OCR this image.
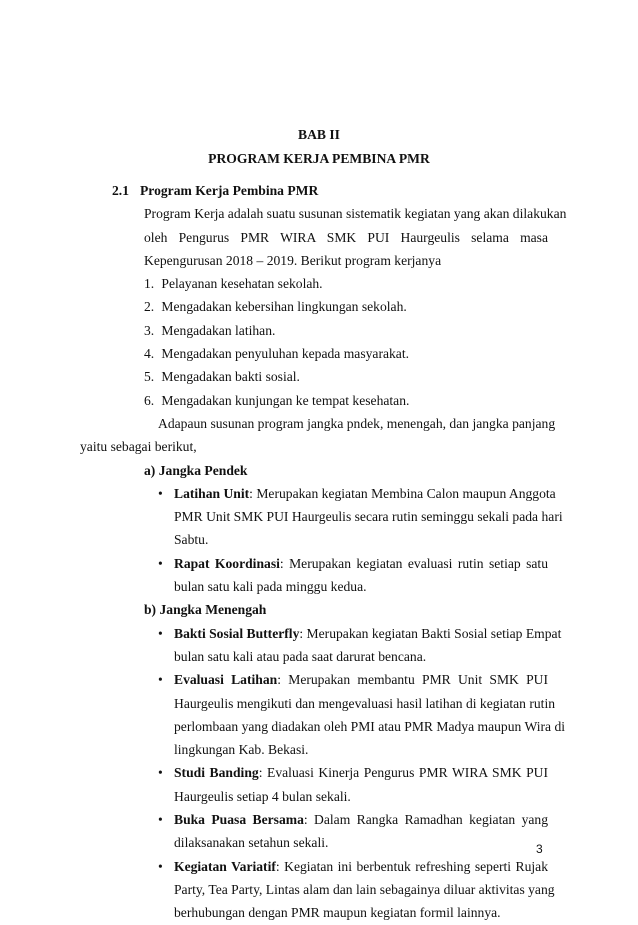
BAB II
PROGRAM KERJA PEMBINA PMR
2.1 Program Kerja Pembina PMR
Program Kerja adalah suatu susunan sistematik kegiatan yang akan dilakukan
oleh Pengurus PMR WIRA SMK PUI Haurgeulis selama masa
Kepengurusan 2018 – 2019. Berikut program kerjanya
1. Pelayanan kesehatan sekolah.
2. Mengadakan kebersihan lingkungan sekolah.
3. Mengadakan latihan.
4. Mengadakan penyuluhan kepada masyarakat.
5. Mengadakan bakti sosial.
6. Mengadakan kunjungan ke tempat kesehatan.
Adapaun susunan program jangka pndek, menengah, dan jangka panjang
yaitu sebagai berikut,
a) Jangka Pendek
• Latihan Unit: Merupakan kegiatan Membina Calon maupun Anggota
PMR Unit SMK PUI Haurgeulis secara rutin seminggu sekali pada hari
Sabtu.
• Rapat Koordinasi: Merupakan kegiatan evaluasi rutin setiap satu
bulan satu kali pada minggu kedua.
b) Jangka Menengah
• Bakti Sosial Butterfly: Merupakan kegiatan Bakti Sosial setiap Empat
bulan satu kali atau pada saat darurat bencana.
• Evaluasi Latihan: Merupakan membantu PMR Unit SMK PUI
Haurgeulis mengikuti dan mengevaluasi hasil latihan di kegiatan rutin
perlombaan yang diadakan oleh PMI atau PMR Madya maupun Wira di
lingkungan Kab. Bekasi.
• Studi Banding: Evaluasi Kinerja Pengurus PMR WIRA SMK PUI
Haurgeulis setiap 4 bulan sekali.
• Buka Puasa Bersama: Dalam Rangka Ramadhan kegiatan yang
dilaksanakan setahun sekali.
• Kegiatan Variatif: Kegiatan ini berbentuk refreshing seperti Rujak
Party, Tea Party, Lintas alam dan lain sebagainya diluar aktivitas yang
berhubungan dengan PMR maupun kegiatan formil lainnya.
3
